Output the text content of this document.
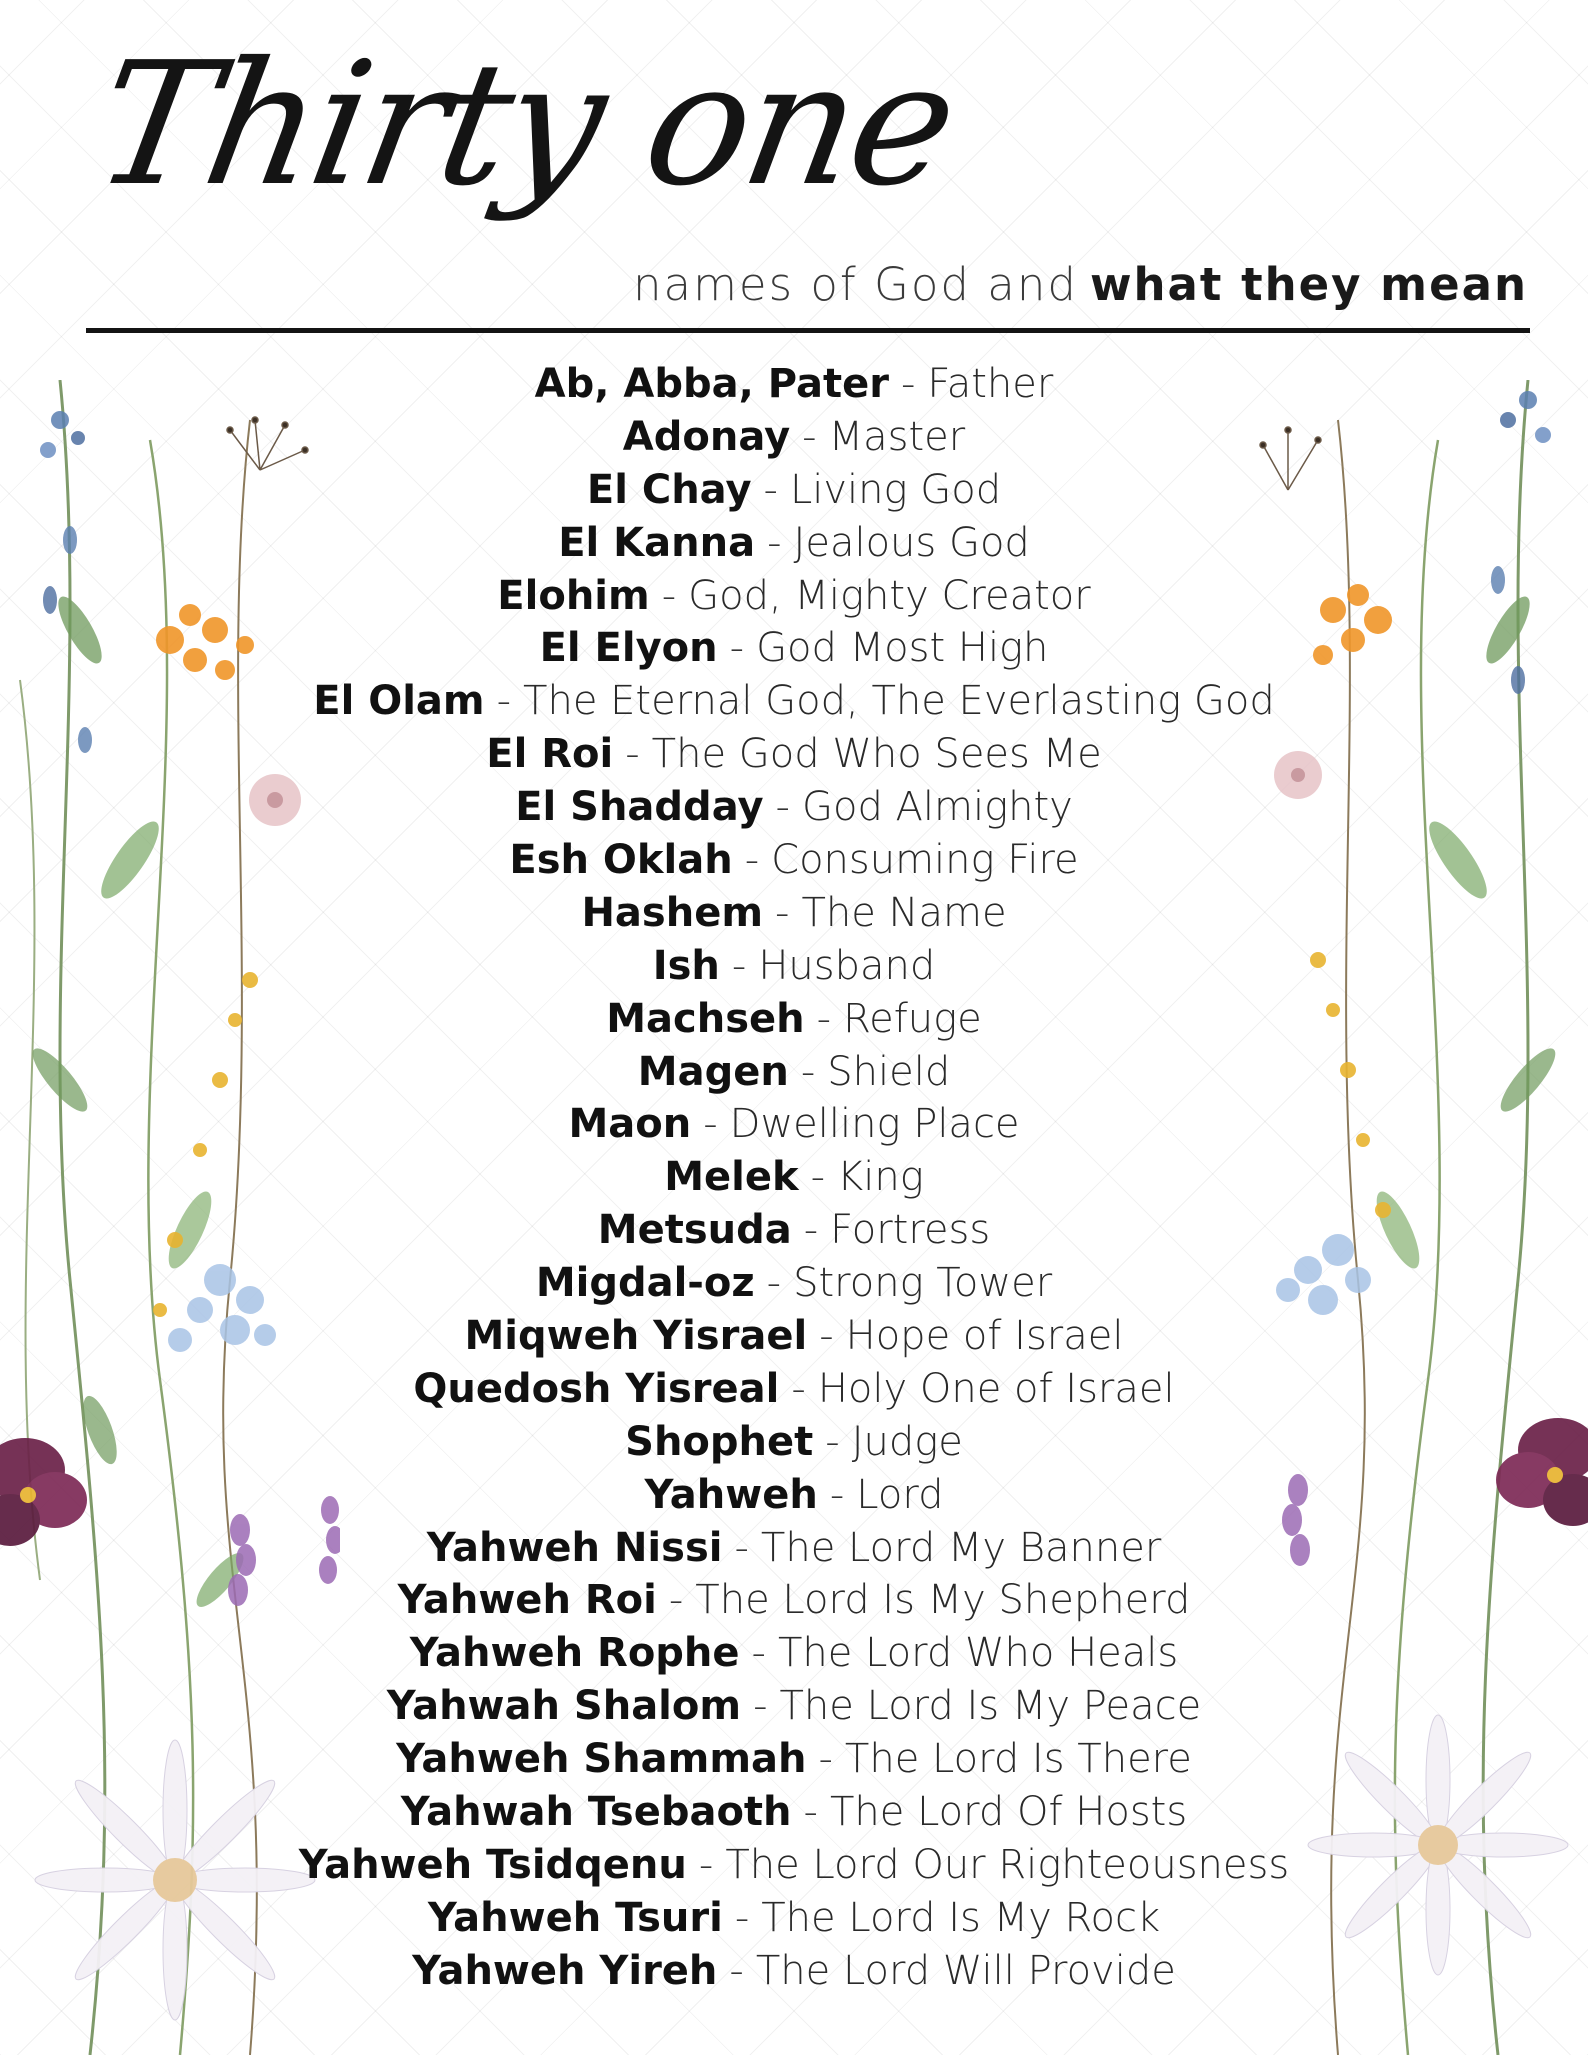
Thirty one
names of God and what they mean
Ab, Abba, Pater - Father
Adonay - Master
El Chay - Living God
El Kanna - Jealous God
Elohim - God, Mighty Creator
El Elyon - God Most High
El Olam - The Eternal God, The Everlasting God
El Roi - The God Who Sees Me
El Shadday - God Almighty
Esh Oklah - Consuming Fire
Hashem - The Name
Ish - Husband
Machseh - Refuge
Magen - Shield
Maon - Dwelling Place
Melek - King
Metsuda - Fortress
Migdal-oz - Strong Tower
Miqweh Yisrael - Hope of Israel
Quedosh Yisreal - Holy One of Israel
Shophet - Judge
Yahweh - Lord
Yahweh Nissi - The Lord My Banner
Yahweh Roi - The Lord Is My Shepherd
Yahweh Rophe - The Lord Who Heals
Yahwah Shalom - The Lord Is My Peace
Yahweh Shammah - The Lord Is There
Yahwah Tsebaoth - The Lord Of Hosts
Yahweh Tsidqenu - The Lord Our Righteousness
Yahweh Tsuri - The Lord Is My Rock
Yahweh Yireh - The Lord Will Provide
